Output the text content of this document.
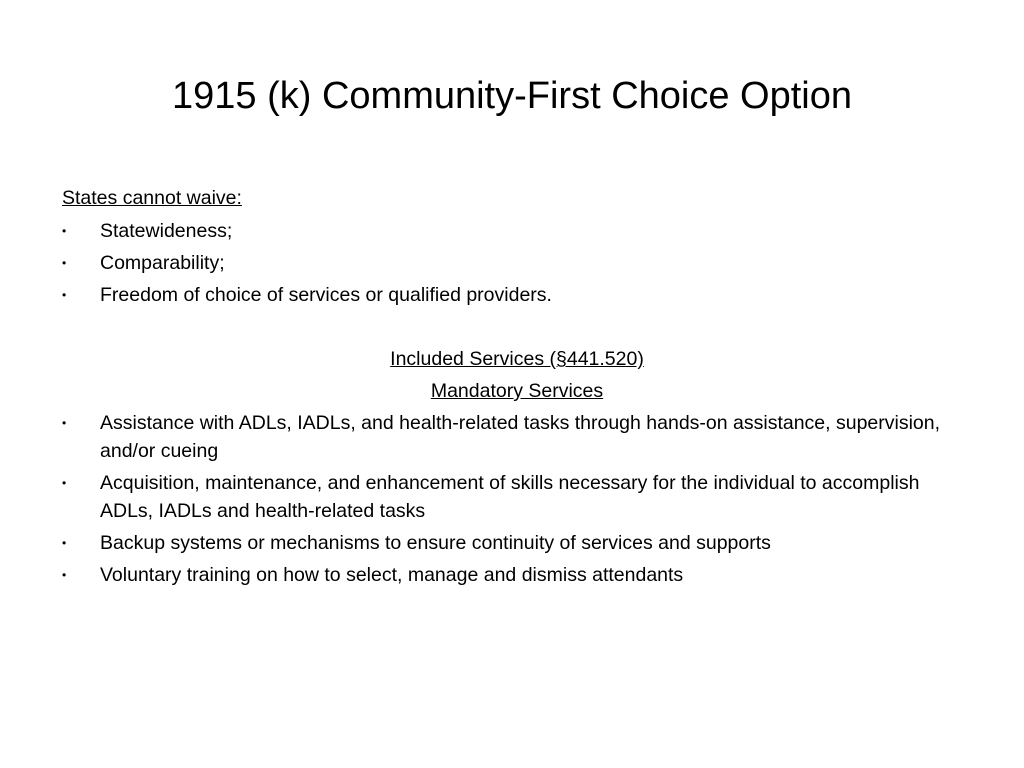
1915 (k) Community-First Choice Option
States cannot waive:
• Statewideness;
• Comparability;
• Freedom of choice of services or qualified providers.
Included Services (§441.520)
Mandatory Services
• Assistance with ADLs, IADLs, and health-related tasks through hands-on assistance, supervision, and/or cueing
• Acquisition, maintenance, and enhancement of skills necessary for the individual to accomplish ADLs, IADLs and health-related tasks
• Backup systems or mechanisms to ensure continuity of services and supports
• Voluntary training on how to select, manage and dismiss attendants
